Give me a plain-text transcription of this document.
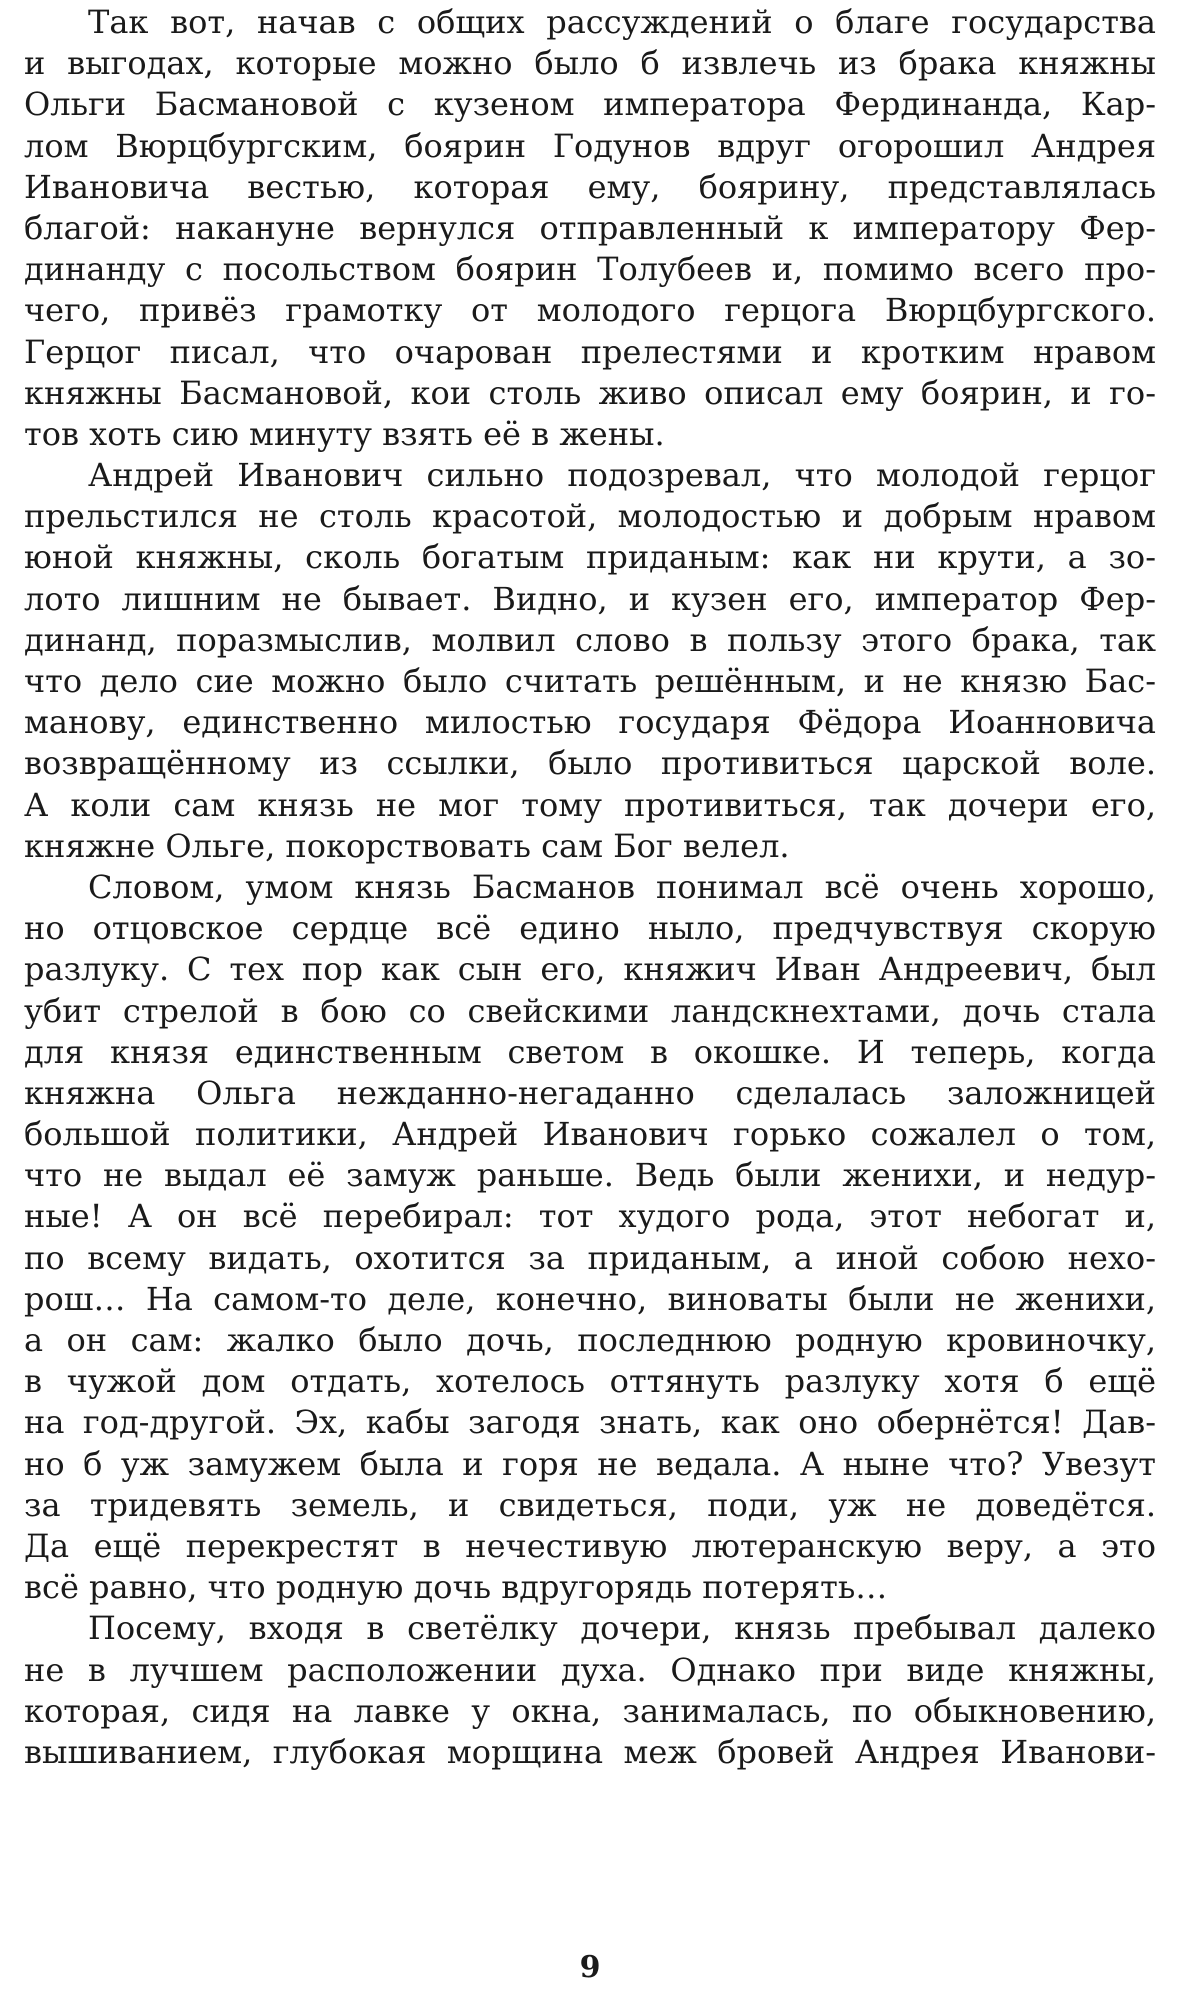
Так вот, начав с общих рассуждений о благе государства
и выгодах, которые можно было б извлечь из брака княжны
Ольги Басмановой с кузеном императора Фердинанда, Кар-
лом Вюрцбургским, боярин Годунов вдруг огорошил Андрея
Ивановича вестью, которая ему, боярину, представлялась
благой: накануне вернулся отправленный к императору Фер-
динанду с посольством боярин Толубеев и, помимо всего про-
чего, привёз грамотку от молодого герцога Вюрцбургского.
Герцог писал, что очарован прелестями и кротким нравом
княжны Басмановой, кои столь живо описал ему боярин, и го-
тов хоть сию минуту взять её в жены.
Андрей Иванович сильно подозревал, что молодой герцог
прельстился не столь красотой, молодостью и добрым нравом
юной княжны, сколь богатым приданым: как ни крути, а зо-
лото лишним не бывает. Видно, и кузен его, император Фер-
динанд, поразмыслив, молвил слово в пользу этого брака, так
что дело сие можно было считать решённым, и не князю Бас-
манову, единственно милостью государя Фёдора Иоанновича
возвращённому из ссылки, было противиться царской воле.
А коли сам князь не мог тому противиться, так дочери его,
княжне Ольге, покорствовать сам Бог велел.
Словом, умом князь Басманов понимал всё очень хорошо,
но отцовское сердце всё едино ныло, предчувствуя скорую
разлуку. С тех пор как сын его, княжич Иван Андреевич, был
убит стрелой в бою со свейскими ландскнехтами, дочь стала
для князя единственным светом в окошке. И теперь, когда
княжна Ольга нежданно-негаданно сделалась заложницей
большой политики, Андрей Иванович горько сожалел о том,
что не выдал её замуж раньше. Ведь были женихи, и недур-
ные! А он всё перебирал: тот худого рода, этот небогат и,
по всему видать, охотится за приданым, а иной собою нехо-
рош… На самом-то деле, конечно, виноваты были не женихи,
а он сам: жалко было дочь, последнюю родную кровиночку,
в чужой дом отдать, хотелось оттянуть разлуку хотя б ещё
на год-другой. Эх, кабы загодя знать, как оно обернётся! Дав-
но б уж замужем была и горя не ведала. А ныне что? Увезут
за тридевять земель, и свидеться, поди, уж не доведётся.
Да ещё перекрестят в нечестивую лютеранскую веру, а это
всё равно, что родную дочь вдругорядь потерять…
Посему, входя в светёлку дочери, князь пребывал далеко
не в лучшем расположении духа. Однако при виде княжны,
которая, сидя на лавке у окна, занималась, по обыкновению,
вышиванием, глубокая морщина меж бровей Андрея Иванови-
9
